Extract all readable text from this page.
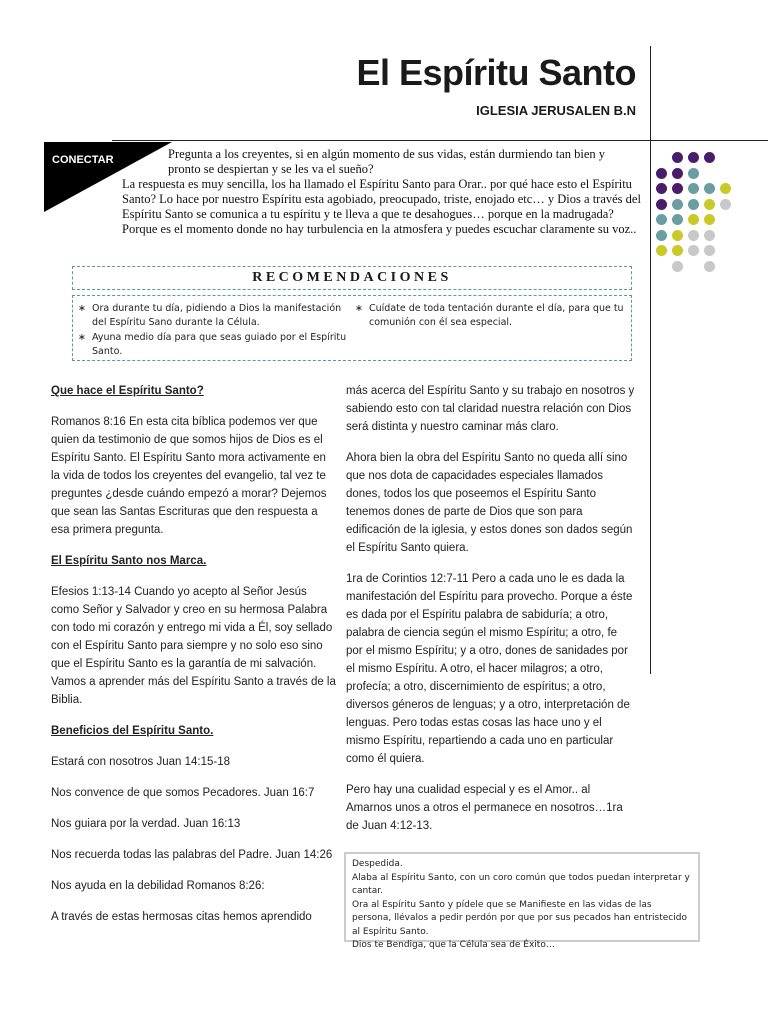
El Espíritu Santo
IGLESIA JERUSALEN B.N
CONECTAR	Pregunta a los creyentes, si en algún momento de sus vidas, están durmiendo tan bien y pronto se despiertan y se les va el sueño?
La respuesta es muy sencilla, los ha llamado el Espíritu Santo para Orar.. por qué hace esto el Espíritu Santo? Lo hace por nuestro Espíritu esta agobiado, preocupado, triste, enojado etc… y Dios a través del Espíritu Santo se comunica a tu espíritu y te lleva a que te desahogues… porque en la madrugada? Porque es el momento donde no hay turbulencia en la atmosfera y puedes escuchar claramente su voz..
RECOMENDACIONES
∗ Ora durante tu día, pidiendo a Dios la manifestación del Espíritu Sano durante la Célula.
∗ Ayuna medio día para que seas guiado por el Espíritu Santo.
∗ Cuídate de toda tentación durante el día, para que tu comunión con él sea especial.

Que hace el Espíritu Santo?

Romanos 8:16 En esta cita bíblica podemos ver que quien da testimonio de que somos hijos de Dios es el Espíritu Santo. El Espíritu Santo mora activamente en la vida de todos los creyentes del evangelio, tal vez te preguntes ¿desde cuándo empezó a morar? Dejemos que sean las Santas Escrituras que den respuesta a esa primera pregunta.

El Espíritu Santo nos Marca.

Efesios 1:13-14 Cuando yo acepto al Señor Jesús como Señor y Salvador y creo en su hermosa Palabra con todo mi corazón y entrego mi vida a Él, soy sellado con el Espíritu Santo para siempre y no solo eso sino que el Espíritu Santo es la garantía de mi salvación. Vamos a aprender más del Espíritu Santo a través de la Biblia.

Beneficios del Espíritu Santo.

Estará con nosotros Juan 14:15-18

Nos convence de que somos Pecadores. Juan 16:7

Nos guiara por la verdad. Juan 16:13

Nos recuerda todas las palabras del Padre. Juan 14:26

Nos ayuda en la debilidad Romanos 8:26:

A través de estas hermosas citas hemos aprendido

más acerca del Espíritu Santo y su trabajo en nosotros y sabiendo esto con tal claridad nuestra relación con Dios será distinta y nuestro caminar más claro.

Ahora bien la obra del Espíritu Santo no queda allí sino que nos dota de capacidades especiales llamados dones, todos los que poseemos el Espíritu Santo tenemos dones de parte de Dios que son para edificación de la iglesia, y estos dones son dados según el Espíritu Santo quiera.

1ra de Corintios 12:7-11 Pero a cada uno le es dada la manifestación del Espíritu para provecho. Porque a éste es dada por el Espíritu palabra de sabiduría; a otro, palabra de ciencia según el mismo Espíritu; a otro, fe por el mismo Espíritu; y a otro, dones de sanidades por el mismo Espíritu. A otro, el hacer milagros; a otro, profecía; a otro, discernimiento de espíritus; a otro, diversos géneros de lenguas; y a otro, interpretación de lenguas. Pero todas estas cosas las hace uno y el mismo Espíritu, repartiendo a cada uno en particular como él quiera.

Pero hay una cualidad especial y es el Amor.. al Amarnos unos a otros el permanece en nosotros…1ra de Juan 4:12-13.

Despedida.
Alaba al Espíritu Santo, con un coro común que todos puedan interpretar y cantar.
Ora al Espíritu Santo y pídele que se Manifieste en las vidas de las persona, llévalos a pedir perdón por que por sus pecados han entristecido al Espíritu Santo.
Dios te Bendiga, que la Célula sea de Éxito…
